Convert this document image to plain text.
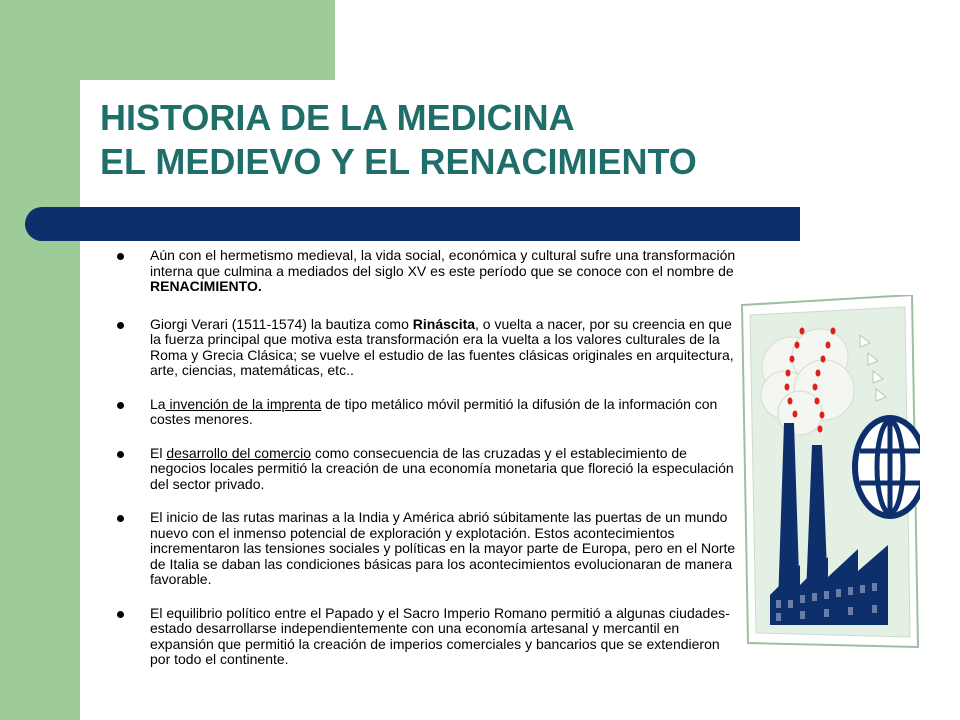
HISTORIA DE LA MEDICINA
EL MEDIEVO Y EL RENACIMIENTO
Aún con el hermetismo medieval, la vida social, económica y cultural sufre una transformación interna que culmina a mediados del siglo XV es este período que se conoce con el nombre de RENACIMIENTO.
Giorgi Verari (1511-1574) la bautiza como Rináscita, o vuelta a nacer, por su creencia en que la fuerza principal que motiva esta transformación era la vuelta a los valores culturales de la Roma y Grecia Clásica; se vuelve el estudio de las fuentes clásicas originales en arquitectura, arte, ciencias, matemáticas, etc..
La invención de la imprenta de tipo metálico móvil permitió la difusión de la información con costes menores.
El desarrollo del comercio como consecuencia de las cruzadas y el establecimiento de negocios locales permitió la creación de una economía monetaria que floreció la especulación del sector privado.
El inicio de las rutas marinas a la India y América abrió súbitamente las puertas de un mundo nuevo con el inmenso potencial de exploración y explotación. Estos acontecimientos incrementaron las tensiones sociales y políticas en la mayor parte de Europa, pero en el Norte de Italia se daban las condiciones básicas para los acontecimientos evolucionaran de manera favorable.
El equilibrio político entre el Papado y el Sacro Imperio Romano permitió a algunas ciudades-estado desarrollarse independientemente con una economía artesanal y mercantil en expansión que permitió la creación de imperios comerciales y bancarios que se extendieron por todo el continente.
